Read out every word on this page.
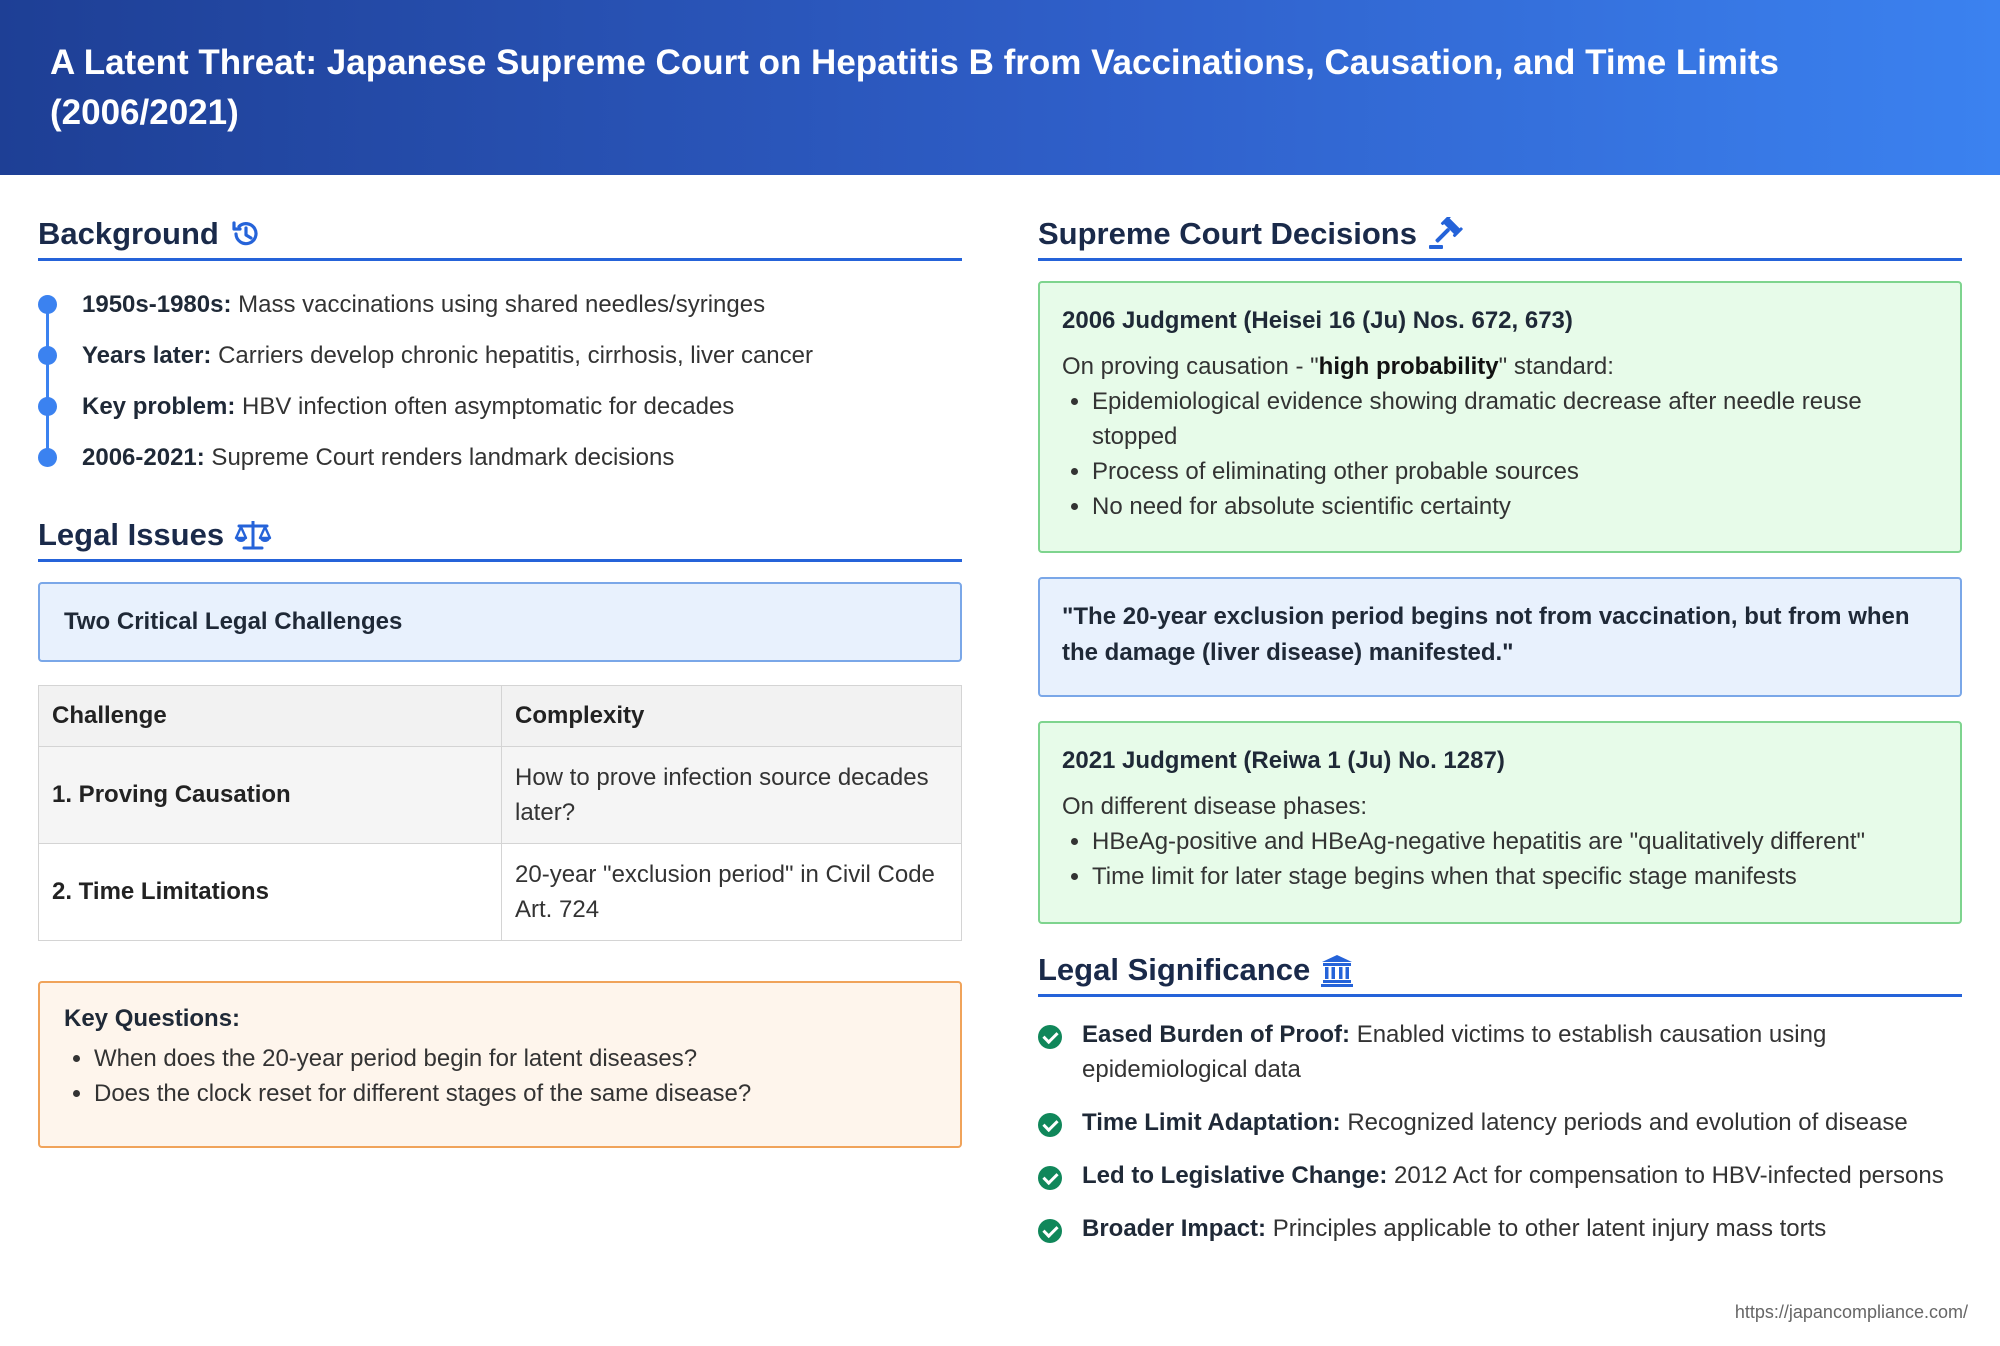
A Latent Threat: Japanese Supreme Court on Hepatitis B from Vaccinations, Causation, and Time Limits (2006/2021)
Background
1950s-1980s: Mass vaccinations using shared needles/syringes
Years later: Carriers develop chronic hepatitis, cirrhosis, liver cancer
Key problem: HBV infection often asymptomatic for decades
2006-2021: Supreme Court renders landmark decisions
Legal Issues
Two Critical Legal Challenges
Challenge	Complexity
1. Proving Causation	How to prove infection source decades later?
2. Time Limitations	20-year "exclusion period" in Civil Code Art. 724
Key Questions:
• When does the 20-year period begin for latent diseases?
• Does the clock reset for different stages of the same disease?
Supreme Court Decisions
2006 Judgment (Heisei 16 (Ju) Nos. 672, 673)
On proving causation - "high probability" standard:
• Epidemiological evidence showing dramatic decrease after needle reuse stopped
• Process of eliminating other probable sources
• No need for absolute scientific certainty
"The 20-year exclusion period begins not from vaccination, but from when the damage (liver disease) manifested."
2021 Judgment (Reiwa 1 (Ju) No. 1287)
On different disease phases:
• HBeAg-positive and HBeAg-negative hepatitis are "qualitatively different"
• Time limit for later stage begins when that specific stage manifests
Legal Significance
Eased Burden of Proof: Enabled victims to establish causation using epidemiological data
Time Limit Adaptation: Recognized latency periods and evolution of disease
Led to Legislative Change: 2012 Act for compensation to HBV-infected persons
Broader Impact: Principles applicable to other latent injury mass torts
https://japancompliance.com/
